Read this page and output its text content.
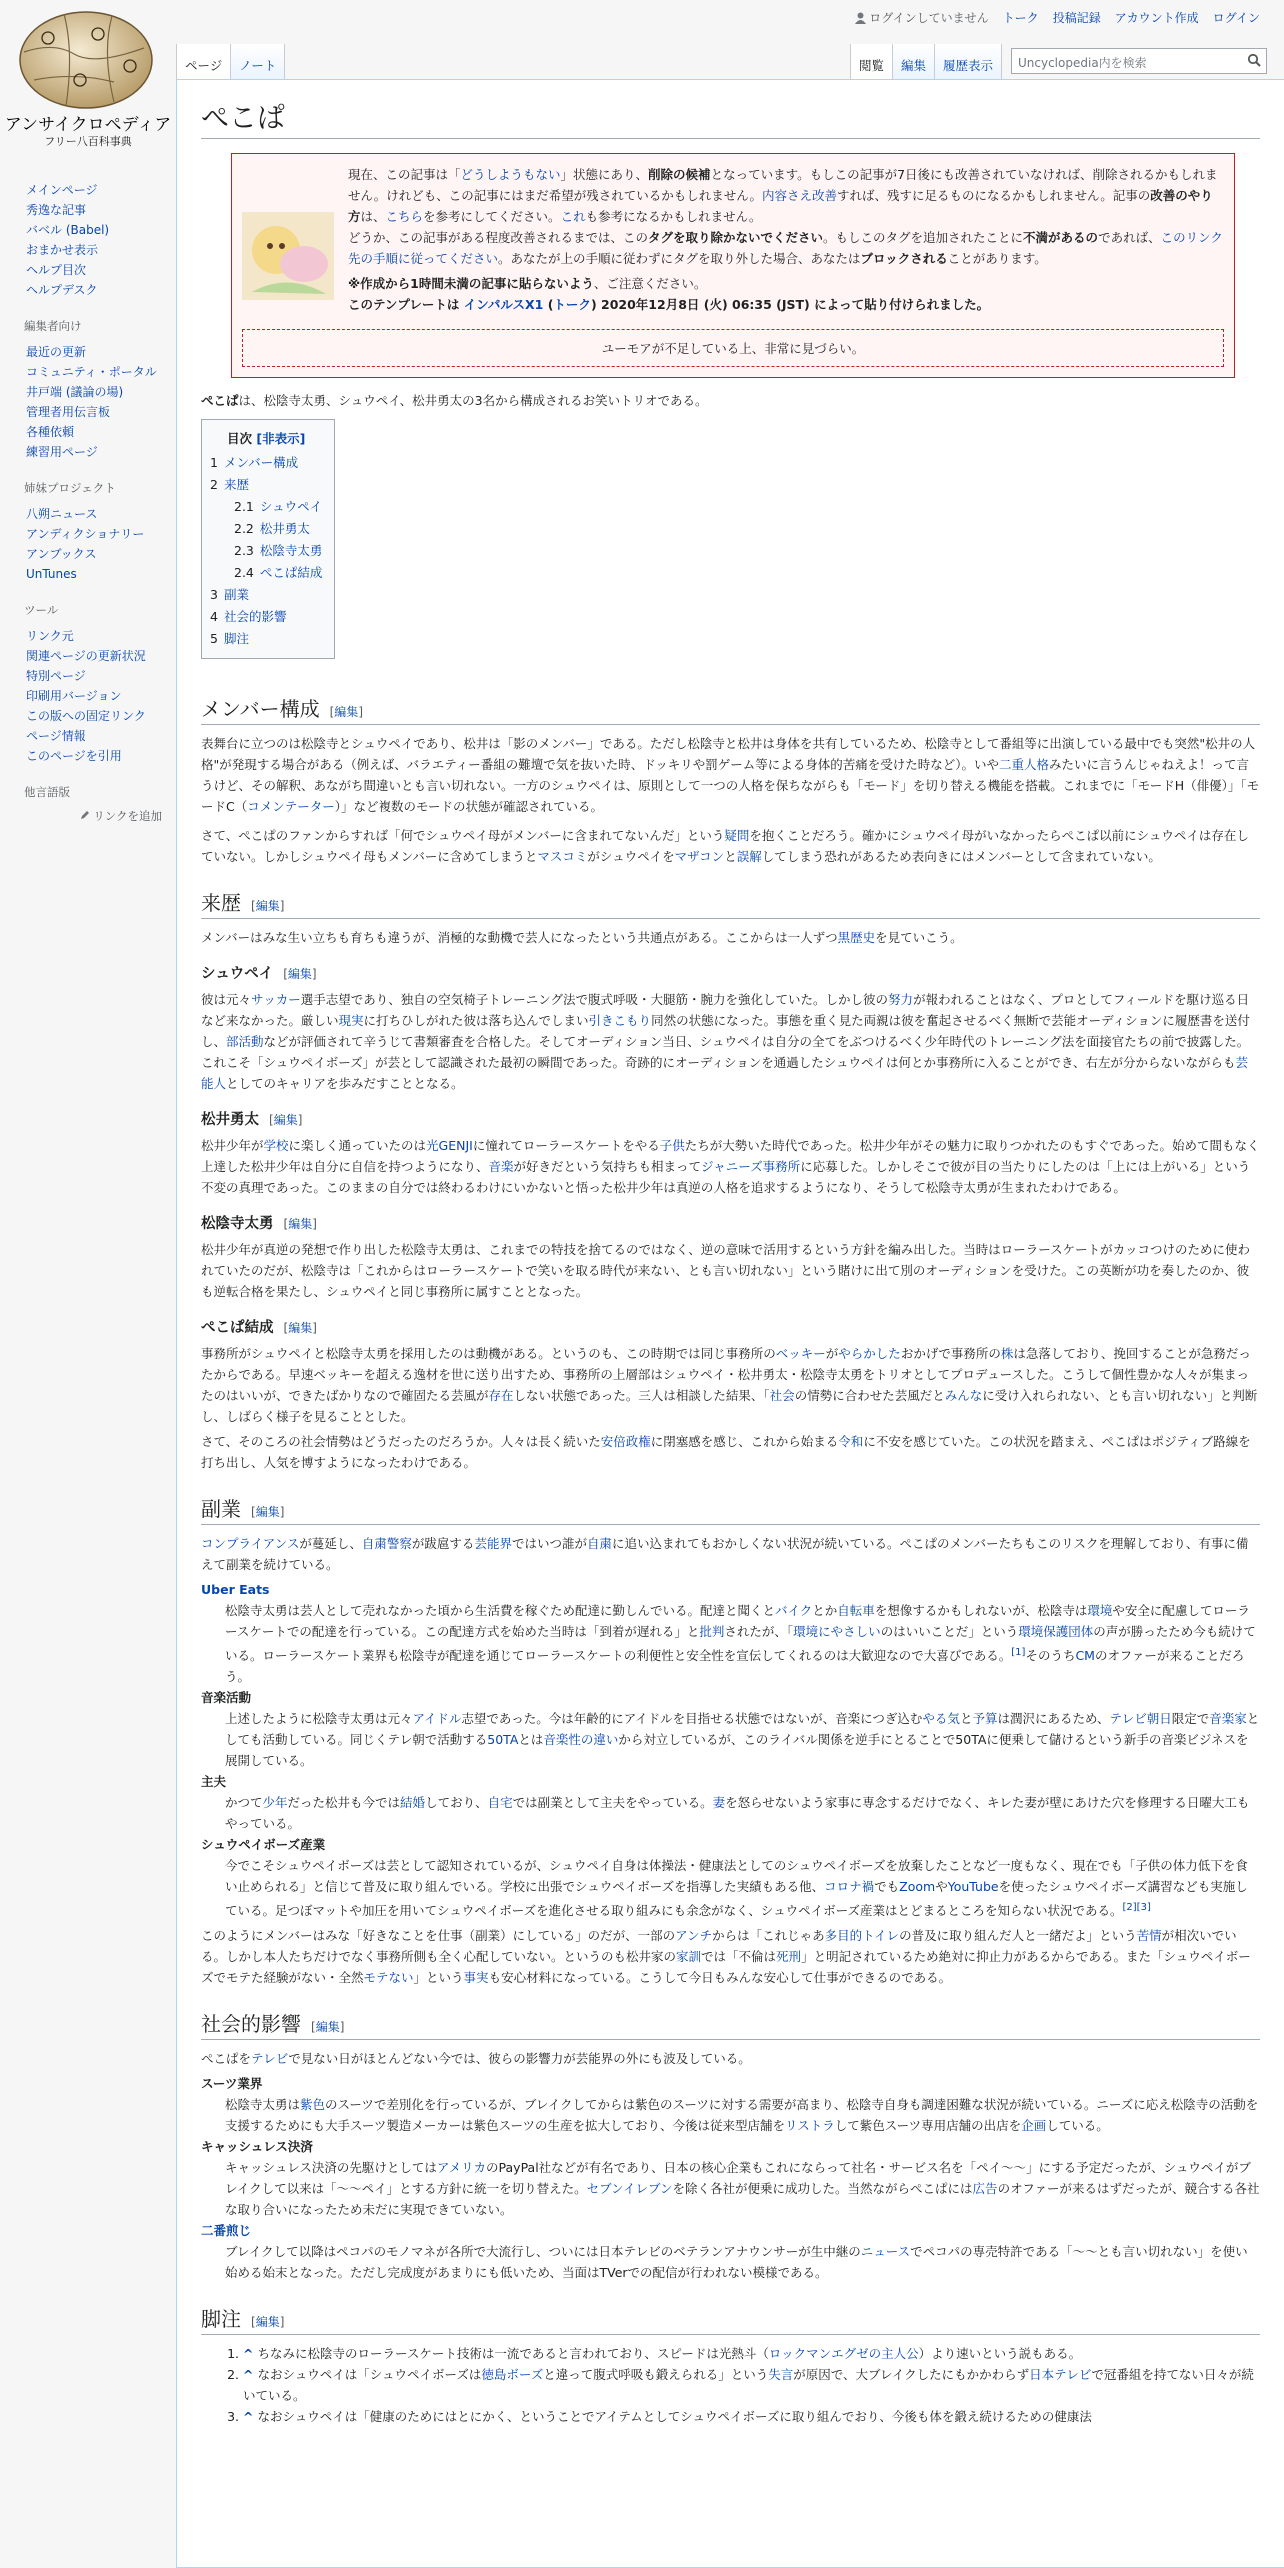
アンサイクロペディア
フリー八百科事典
ログインしていません トーク 投稿記録 アカウント作成 ログイン
ページ	ノート	閲覧	編集	履歴表示	Uncyclopedia内を検索
メインページ
秀逸な記事
バベル (Babel)
おまかせ表示
ヘルプ目次
ヘルプデスク
編集者向け
最近の更新
コミュニティ・ポータル
井戸端 (議論の場)
管理者用伝言板
各種依頼
練習用ページ
姉妹プロジェクト
八朔ニュース
アンディクショナリー
アンブックス
UnTunes
ツール
リンク元
関連ページの更新状況
特別ページ
印刷用バージョン
この版への固定リンク
ページ情報
このページを引用
他言語版
リンクを追加
ぺこぱ
現在、この記事は「どうしようもない」状態にあり、削除の候補となっています。もしこの記事が7日後にも改善されていなければ、削除されるかもしれません。けれども、この記事にはまだ希望が残されているかもしれません。内容さえ改善すれば、残すに足るものになるかもしれません。記事の改善のやり方は、こちらを参考にしてください。これも参考になるかもしれません。
どうか、この記事がある程度改善されるまでは、このタグを取り除かないでください。もしこのタグを追加されたことに不満があるのであれば、このリンク先の手順に従ってください。あなたが上の手順に従わずにタグを取り外した場合、あなたはブロックされることがあります。
※作成から1時間未満の記事に貼らないよう、ご注意ください。
このテンプレートは インパルスX1 (トーク) 2020年12月8日 (火) 06:35 (JST) によって貼り付けられました。
ユーモアが不足している上、非常に見づらい。

ぺこぱは、松陰寺太勇、シュウペイ、松井勇太の3名から構成されるお笑いトリオである。

目次 [非表示]
1 メンバー構成
2 来歴
2.1 シュウペイ
2.2 松井勇太
2.3 松陰寺太勇
2.4 ぺこぱ結成
3 副業
4 社会的影響
5 脚注
メンバー構成 [編集]

表舞台に立つのは松陰寺とシュウペイであり、松井は「影のメンバー」である。ただし松陰寺と松井は身体を共有しているため、松陰寺として番組等に出演している最中でも突然"松井の人格"が発現する場合がある（例えば、バラエティー番組の難壇で気を抜いた時、ドッキリや罰ゲーム等による身体的苦痛を受けた時など）。いや二重人格みたいに言うんじゃねえよ！って言うけど、その解釈、あながち間違いとも言い切れない。一方のシュウペイは、原則として一つの人格を保ちながらも「モード」を切り替える機能を搭載。これまでに「モードH（俳優）」「モードC（コメンテーター）」など複数のモードの状態が確認されている。

さて、ぺこぱのファンからすれば「何でシュウペイ母がメンバーに含まれてないんだ」という疑問を抱くことだろう。確かにシュウペイ母がいなかったらぺこぱ以前にシュウペイは存在していない。しかしシュウペイ母もメンバーに含めてしまうとマスコミがシュウペイをマザコンと誤解してしまう恐れがあるため表向きにはメンバーとして含まれていない。

来歴 [編集]

メンバーはみな生い立ちも育ちも違うが、消極的な動機で芸人になったという共通点がある。ここからは一人ずつ黒歴史を見ていこう。

シュウペイ [編集]

彼は元々サッカー選手志望であり、独自の空気椅子トレーニング法で腹式呼吸・大腿筋・腕力を強化していた。しかし彼の努力が報われることはなく、プロとしてフィールドを駆け巡る日など来なかった。厳しい現実に打ちひしがれた彼は落ち込んでしまい引きこもり同然の状態になった。事態を重く見た両親は彼を奮起させるべく無断で芸能オーディションに履歴書を送付し、部活動などが評価されて辛うじて書類審査を合格した。そしてオーディション当日、シュウペイは自分の全てをぶつけるべく少年時代のトレーニング法を面接官たちの前で披露した。これこそ「シュウペイボーズ」が芸として認識された最初の瞬間であった。奇跡的にオーディションを通過したシュウペイは何とか事務所に入ることができ、右左が分からないながらも芸能人としてのキャリアを歩みだすこととなる。

松井勇太 [編集]

松井少年が学校に楽しく通っていたのは光GENJIに憧れてローラースケートをやる子供たちが大勢いた時代であった。松井少年がその魅力に取りつかれたのもすぐであった。始めて間もなく上達した松井少年は自分に自信を持つようになり、音楽が好きだという気持ちも相まってジャニーズ事務所に応募した。しかしそこで彼が目の当たりにしたのは「上には上がいる」という不変の真理であった。このままの自分では終わるわけにいかないと悟った松井少年は真逆の人格を追求するようになり、そうして松陰寺太勇が生まれたわけである。

松陰寺太勇 [編集]

松井少年が真逆の発想で作り出した松陰寺太勇は、これまでの特技を捨てるのではなく、逆の意味で活用するという方針を編み出した。当時はローラースケートがカッコつけのために使われていたのだが、松陰寺は「これからはローラースケートで笑いを取る時代が来ない、とも言い切れない」という賭けに出て別のオーディションを受けた。この英断が功を奏したのか、彼も逆転合格を果たし、シュウペイと同じ事務所に属すこととなった。

ぺこぱ結成 [編集]

事務所がシュウペイと松陰寺太勇を採用したのは動機がある。というのも、この時期では同じ事務所のベッキーがやらかしたおかげで事務所の株は急落しており、挽回することが急務だったからである。早速ベッキーを超える逸材を世に送り出すため、事務所の上層部はシュウペイ・松井勇太・松陰寺太勇をトリオとしてプロデュースした。こうして個性豊かな人々が集まったのはいいが、できたばかりなので確固たる芸風が存在しない状態であった。三人は相談した結果、「社会の情勢に合わせた芸風だとみんなに受け入れられない、とも言い切れない」と判断し、しばらく様子を見ることとした。

さて、そのころの社会情勢はどうだったのだろうか。人々は長く続いた安倍政権に閉塞感を感じ、これから始まる令和に不安を感じていた。この状況を踏まえ、ぺこぱはポジティブ路線を打ち出し、人気を博すようになったわけである。

副業 [編集]

コンプライアンスが蔓延し、自粛警察が跋扈する芸能界ではいつ誰が自粛に追い込まれてもおかしくない状況が続いている。ぺこぱのメンバーたちもこのリスクを理解しており、有事に備えて副業を続けている。

Uber Eats
松陰寺太勇は芸人として売れなかった頃から生活費を稼ぐため配達に勤しんでいる。配達と聞くとバイクとか自転車を想像するかもしれないが、松陰寺は環境や安全に配慮してローラースケートでの配達を行っている。この配達方式を始めた当時は「到着が遅れる」と批判されたが、「環境にやさしいのはいいことだ」という環境保護団体の声が勝ったため今も続けている。ローラースケート業界も松陰寺が配達を通じてローラースケートの利便性と安全性を宣伝してくれるのは大歓迎なので大喜びである。[1]そのうちCMのオファーが来ることだろう。
音楽活動
上述したように松陰寺太勇は元々アイドル志望であった。今は年齢的にアイドルを目指せる状態ではないが、音楽につぎ込むやる気と予算は潤沢にあるため、テレビ朝日限定で音楽家としても活動している。同じくテレ朝で活動する50TAとは音楽性の違いから対立しているが、このライバル関係を逆手にとることで50TAに便乗して儲けるという新手の音楽ビジネスを展開している。
主夫
かつて少年だった松井も今では結婚しており、自宅では副業として主夫をやっている。妻を怒らせないよう家事に専念するだけでなく、キレた妻が壁にあけた穴を修理する日曜大工もやっている。
シュウペイボーズ産業
今でこそシュウペイボーズは芸として認知されているが、シュウペイ自身は体操法・健康法としてのシュウペイボーズを放棄したことなど一度もなく、現在でも「子供の体力低下を食い止められる」と信じて普及に取り組んでいる。学校に出張でシュウペイボーズを指導した実績もある他、コロナ禍でもZoomやYouTubeを使ったシュウペイボーズ講習なども実施している。足つぼマットや加圧を用いてシュウペイボーズを進化させる取り組みにも余念がなく、シュウペイボーズ産業はとどまるところを知らない状況である。[2][3]

このようにメンバーはみな「好きなことを仕事（副業）にしている」のだが、一部のアンチからは「これじゃあ多目的トイレの普及に取り組んだ人と一緒だよ」という苦情が相次いでいる。しかし本人たちだけでなく事務所側も全く心配していない。というのも松井家の家訓では「不倫は死刑」と明記されているため絶対に抑止力があるからである。また「シュウペイボーズでモテた経験がない・全然モテない」という事実も安心材料になっている。こうして今日もみんな安心して仕事ができるのである。

社会的影響 [編集]

ぺこぱをテレビで見ない日がほとんどない今では、彼らの影響力が芸能界の外にも波及している。

スーツ業界
松陰寺太勇は紫色のスーツで差別化を行っているが、ブレイクしてからは紫色のスーツに対する需要が高まり、松陰寺自身も調達困難な状況が続いている。ニーズに応え松陰寺の活動を支援するためにも大手スーツ製造メーカーは紫色スーツの生産を拡大しており、今後は従来型店舗をリストラして紫色スーツ専用店舗の出店を企画している。
キャッシュレス決済
キャッシュレス決済の先駆けとしてはアメリカのPayPal社などが有名であり、日本の核心企業もこれにならって社名・サービス名を「ペイ～～」にする予定だったが、シュウペイがブレイクして以来は「～～ペイ」とする方針に統一を切り替えた。セブンイレブンを除く各社が便乗に成功した。当然ながらぺこぱには広告のオファーが来るはずだったが、競合する各社な取り合いになったため未だに実現できていない。
二番煎じ
ブレイクして以降はペコパのモノマネが各所で大流行し、ついには日本テレビのベテランアナウンサーが生中継のニュースでペコパの専売特許である「～～とも言い切れない」を使い始める始末となった。ただし完成度があまりにも低いため、当面はTVerでの配信が行われない模様である。
脚注 [編集]
1. ^ ちなみに松陰寺のローラースケート技術は一流であると言われており、スピードは光熱斗（ロックマンエグゼの主人公）より速いという説もある。
2. ^ なおシュウペイは「シュウペイボーズは徳島ボーズと違って腹式呼吸も鍛えられる」という失言が原因で、大ブレイクしたにもかかわらず日本テレビで冠番組を持てない日々が続いている。
3. ^ なおシュウペイは「健康のためにはとにかく、ということでアイテムとしてシュウペイボーズに取り組んでおり、今後も体を鍛え続けるための健康法
